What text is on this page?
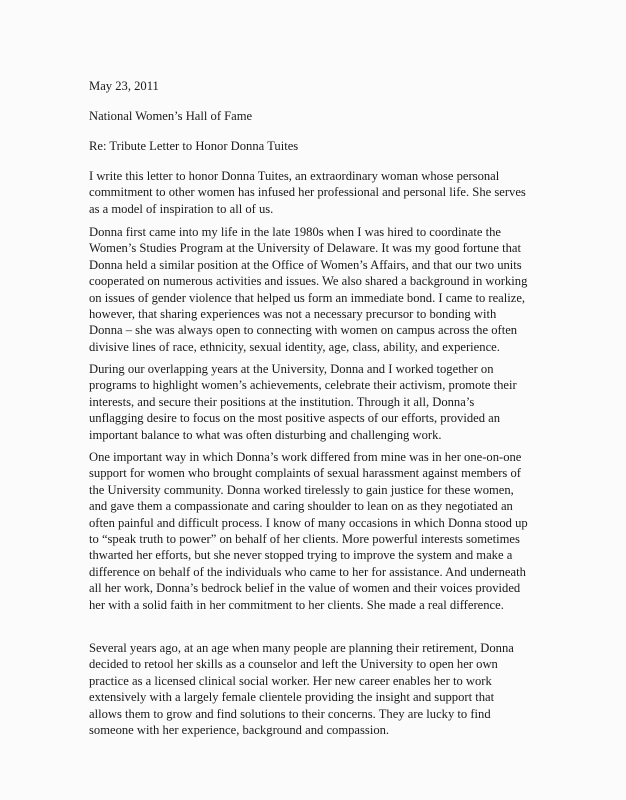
May 23, 2011

National Women’s Hall of Fame

Re: Tribute Letter to Honor Donna Tuites

I write this letter to honor Donna Tuites, an extraordinary woman whose personal commitment to other women has infused her professional and personal life. She serves as a model of inspiration to all of us.

Donna first came into my life in the late 1980s when I was hired to coordinate the Women’s Studies Program at the University of Delaware. It was my good fortune that Donna held a similar position at the Office of Women’s Affairs, and that our two units cooperated on numerous activities and issues. We also shared a background in working on issues of gender violence that helped us form an immediate bond. I came to realize, however, that sharing experiences was not a necessary precursor to bonding with Donna – she was always open to connecting with women on campus across the often divisive lines of race, ethnicity, sexual identity, age, class, ability, and experience.

During our overlapping years at the University, Donna and I worked together on programs to highlight women’s achievements, celebrate their activism, promote their interests, and secure their positions at the institution. Through it all, Donna’s unflagging desire to focus on the most positive aspects of our efforts, provided an important balance to what was often disturbing and challenging work.

One important way in which Donna’s work differed from mine was in her one-on-one support for women who brought complaints of sexual harassment against members of the University community. Donna worked tirelessly to gain justice for these women, and gave them a compassionate and caring shoulder to lean on as they negotiated an often painful and difficult process. I know of many occasions in which Donna stood up to “speak truth to power” on behalf of her clients. More powerful interests sometimes thwarted her efforts, but she never stopped trying to improve the system and make a difference on behalf of the individuals who came to her for assistance. And underneath all her work, Donna’s bedrock belief in the value of women and their voices provided her with a solid faith in her commitment to her clients. She made a real difference.

Several years ago, at an age when many people are planning their retirement, Donna decided to retool her skills as a counselor and left the University to open her own practice as a licensed clinical social worker. Her new career enables her to work extensively with a largely female clientele providing the insight and support that allows them to grow and find solutions to their concerns. They are lucky to find someone with her experience, background and compassion.
